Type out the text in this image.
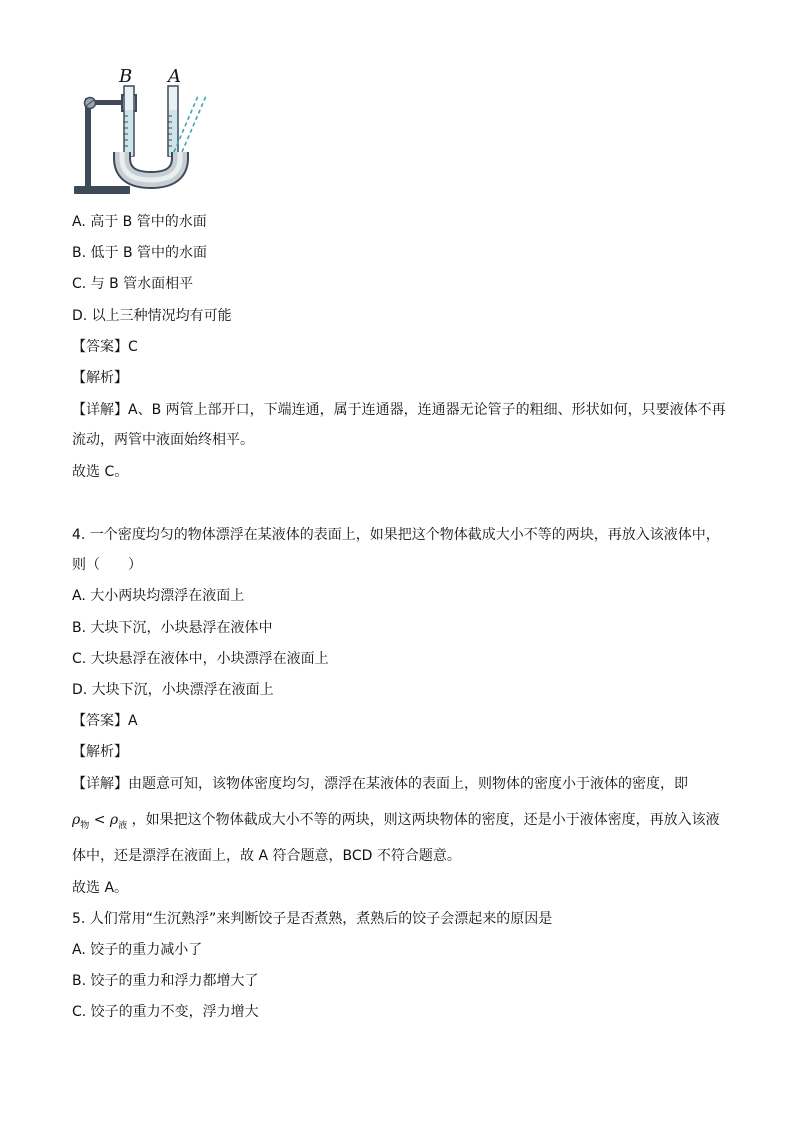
B A
A. 高于 B 管中的水面
B. 低于 B 管中的水面
C. 与 B 管水面相平
D. 以上三种情况均有可能
【答案】C
【解析】
【详解】A、B 两管上部开口，下端连通，属于连通器，连通器无论管子的粗细、形状如何，只要液体不再
流动，两管中液面始终相平。
故选 C。
4. 一个密度均匀的物体漂浮在某液体的表面上，如果把这个物体截成大小不等的两块，再放入该液体中，
则（　　）
A. 大小两块均漂浮在液面上
B. 大块下沉，小块悬浮在液体中
C. 大块悬浮在液体中，小块漂浮在液面上
D. 大块下沉，小块漂浮在液面上
【答案】A
【解析】
【详解】由题意可知，该物体密度均匀，漂浮在某液体的表面上，则物体的密度小于液体的密度，即
$\rho_物 < \rho_液$ ，如果把这个物体截成大小不等的两块，则这两块物体的密度，还是小于液体密度，再放入该液
体中，还是漂浮在液面上，故 A 符合题意，BCD 不符合题意。
故选 A。
5. 人们常用“生沉熟浮”来判断饺子是否煮熟，煮熟后的饺子会漂起来的原因是
A. 饺子的重力减小了
B. 饺子的重力和浮力都增大了
C. 饺子的重力不变，浮力增大
